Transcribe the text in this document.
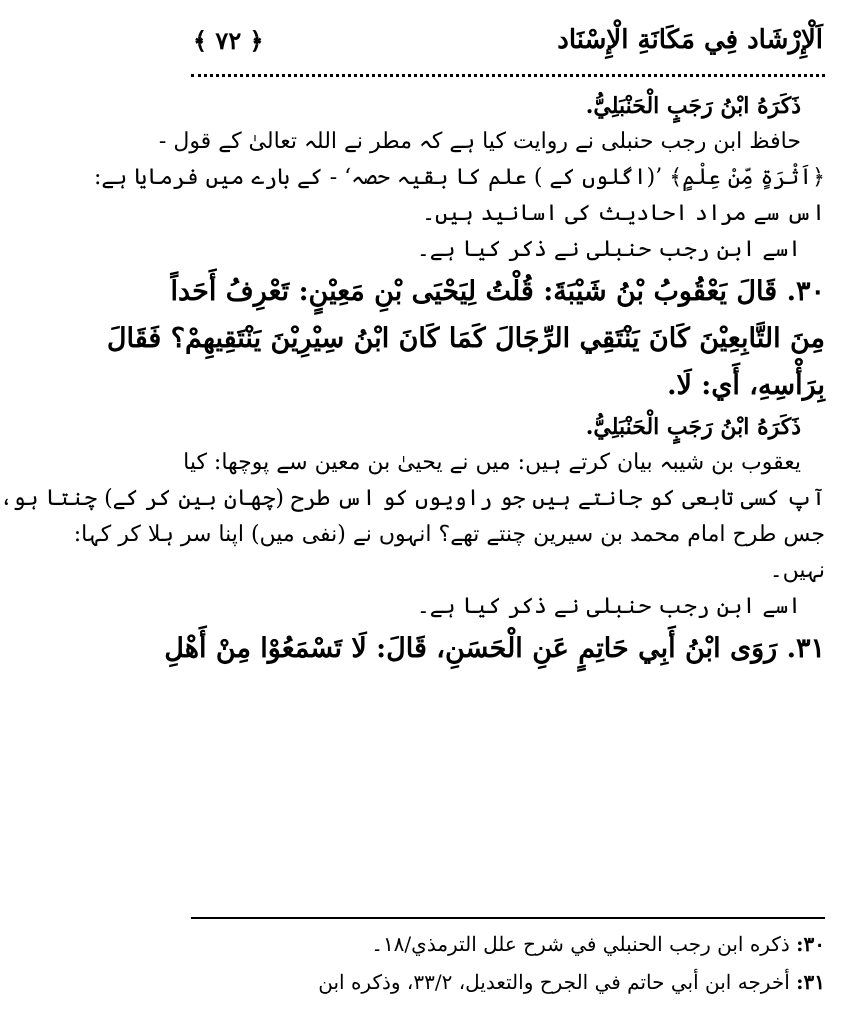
اَلْإِرْشَاد فِي مَكَانَةِ الْإِسْنَاد
﴿ ۷۲ ﴾
ذَكَرَهُ ابْنُ رَجَبٍ الْحَنْبَلِيُّ.
حافظ ابن رجب حنبلی نے روایت کیا ہے کہ مطر نے اللہ تعالیٰ کے قول -
﴿اَثْرَةٍ مِّنْ عِلْمٍ﴾ ’(اگلوں کے ) علم کا بقیہ حصہ‘ - کے بارے میں فرمایا ہے:
اس سے مراد احادیث کی اسانید ہیں۔
اسے ابن رجب حنبلی نے ذکر کیا ہے۔
۳۰. قَالَ يَعْقُوبُ بْنُ شَيْبَةَ: قُلْتُ لِيَحْيَى بْنِ مَعِيْنٍ: تَعْرِفُ أَحَداً
مِنَ التَّابِعِيْنَ كَانَ يَنْتَقِي الرِّجَالَ كَمَا كَانَ ابْنُ سِيْرِيْنَ يَنْتَقِيهِمْ؟ فَقَالَ
بِرَأْسِهِ، أَي: لَا.
ذَكَرَهُ ابْنُ رَجَبٍ الْحَنْبَلِيُّ.
یعقوب بن شیبہ بیان کرتے ہیں: میں نے یحییٰ بن معین سے پوچھا: کیا
آپ کسی تابعی کو جانتے ہیں جو راویوں کو اس طرح (چھان بین کر کے) چنتا ہو،
جس طرح امام محمد بن سیرین چنتے تھے؟ انہوں نے (نفی میں) اپنا سر ہلا کر کہا:
نہیں۔
اسے ابن رجب حنبلی نے ذکر کیا ہے۔
۳۱. رَوَى ابْنُ أَبِي حَاتِمٍ عَنِ الْحَسَنِ، قَالَ: لَا تَسْمَعُوْا مِنْ أَهْلِ
۳۰: ذكره ابن رجب الحنبلي في شرح علل الترمذي/۱۸۔
۳۱: أخرجه ابن أبي حاتم في الجرح والتعديل، ۳۳/۲، وذكره ابن
